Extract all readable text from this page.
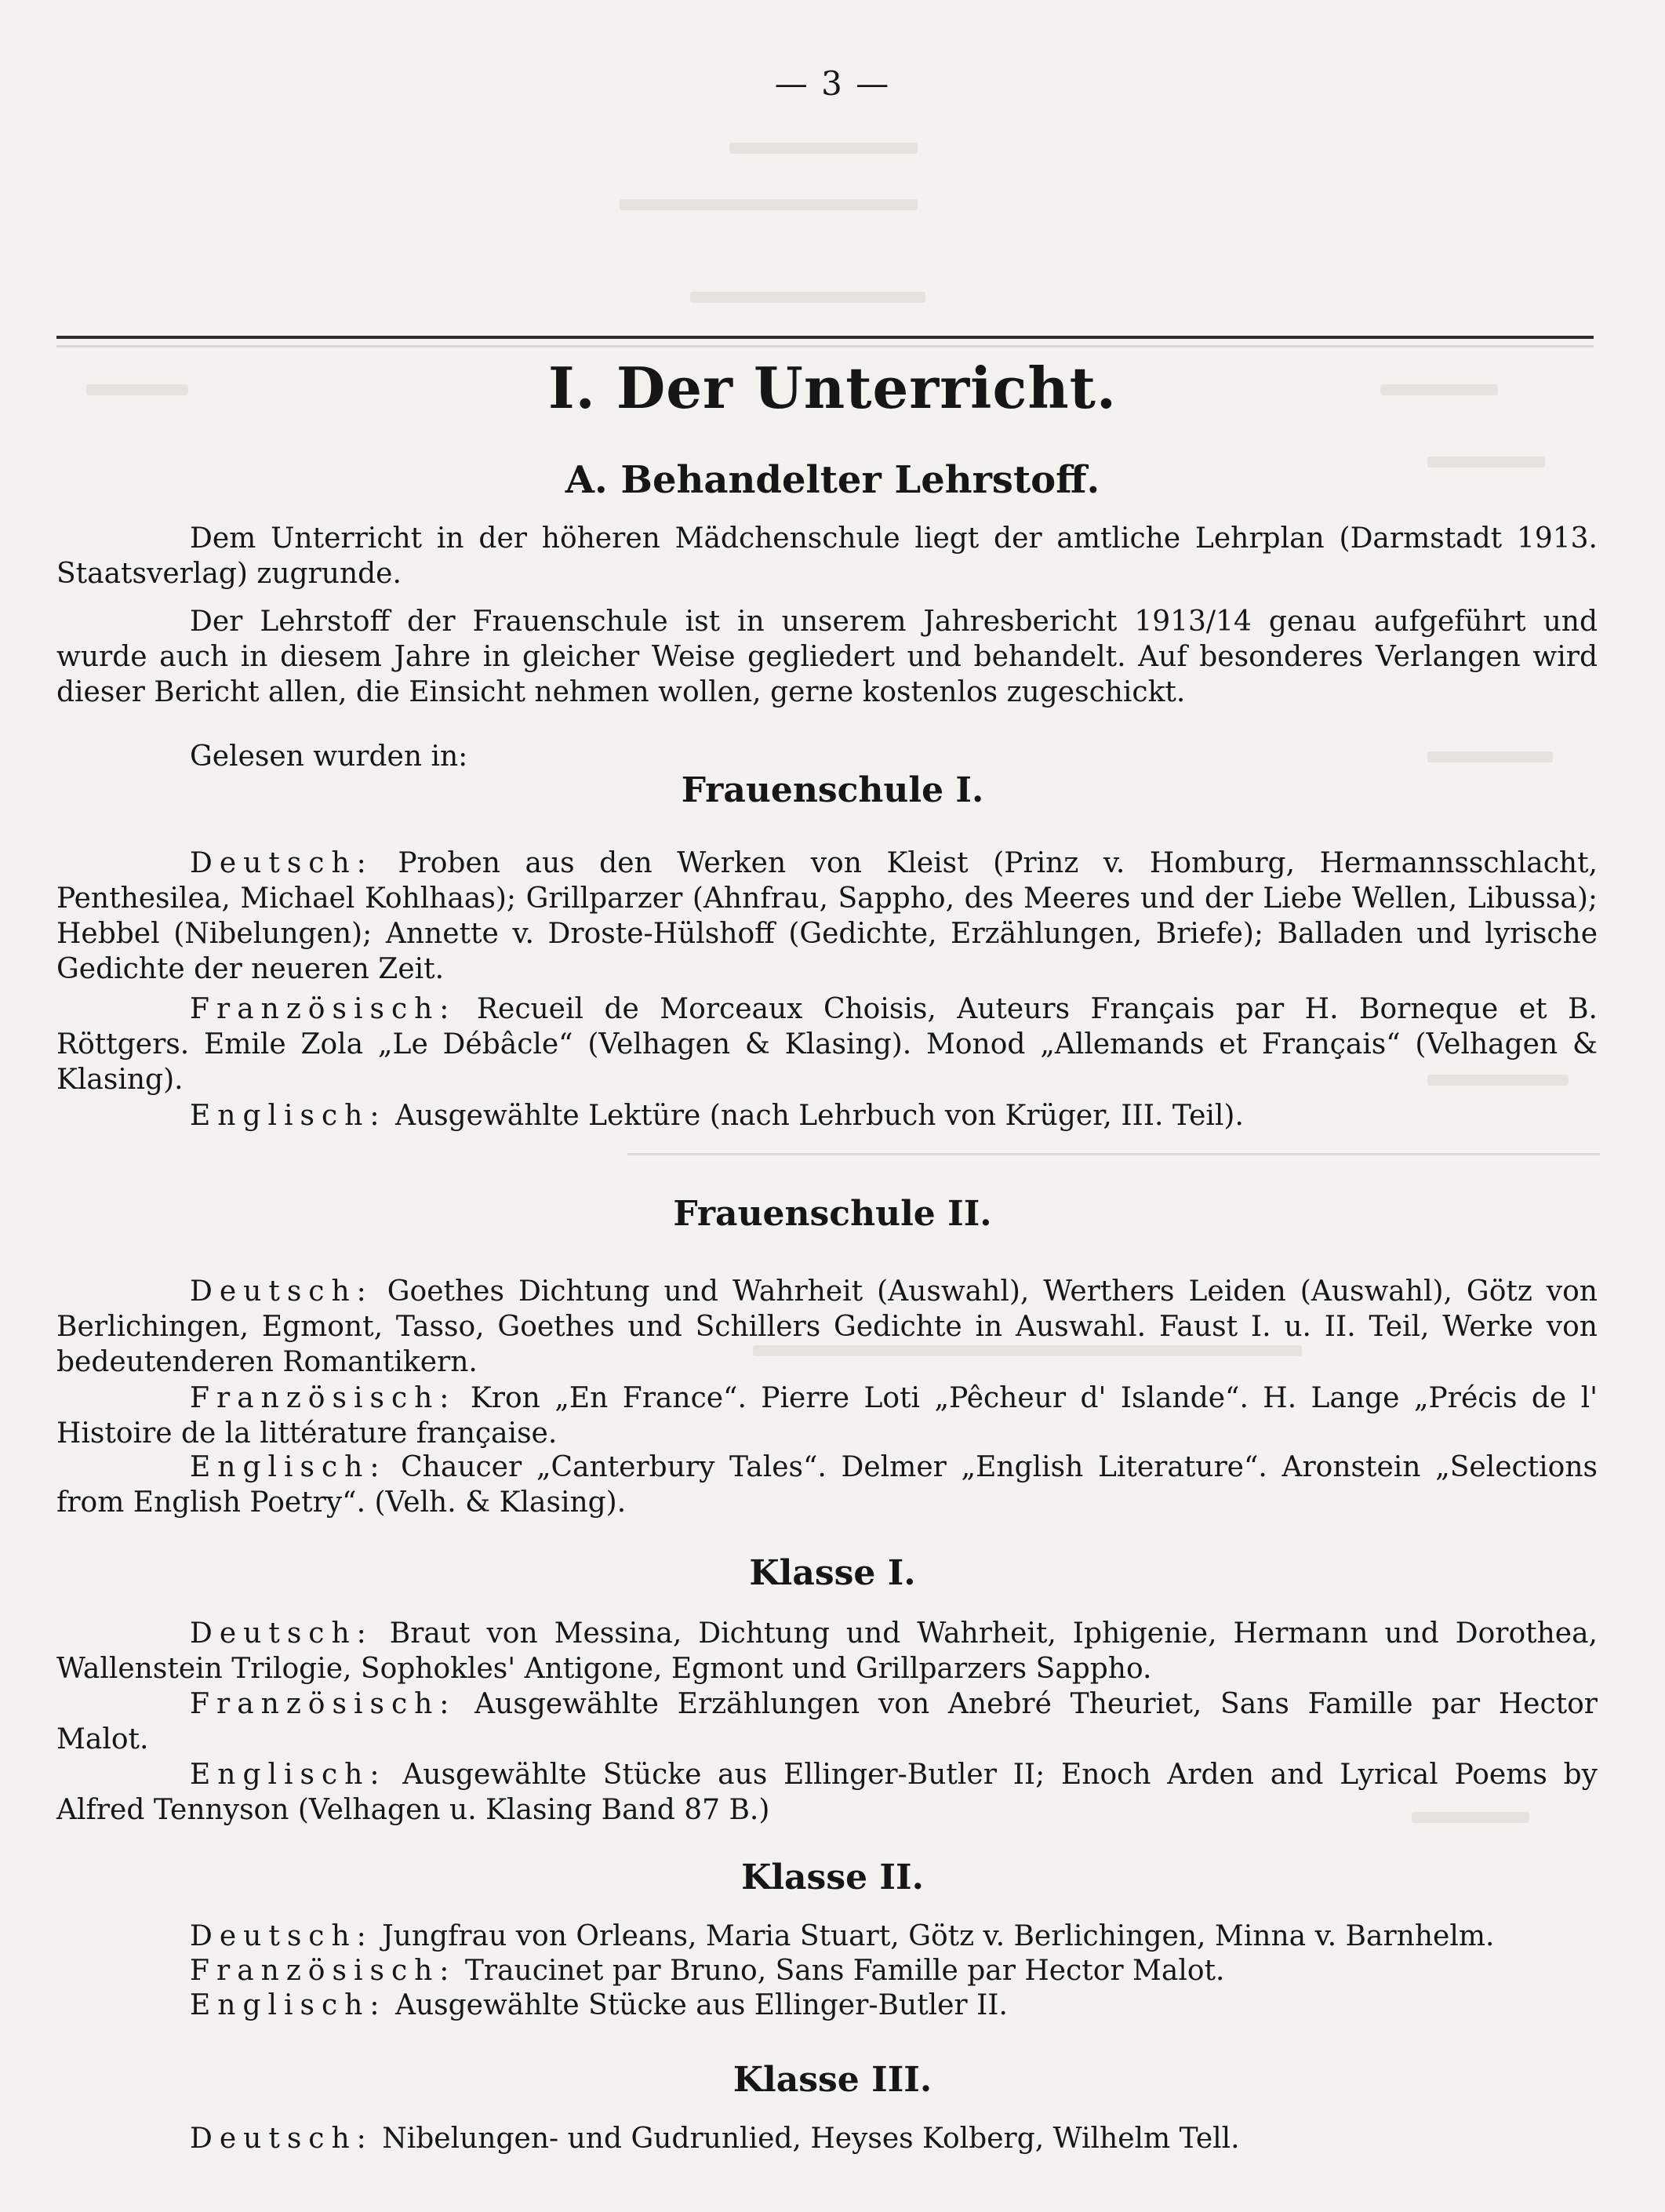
— 3 —
I. Der Unterricht.
A. Behandelter Lehrstoff.
Dem Unterricht in der höheren Mädchenschule liegt der amtliche Lehrplan (Darmstadt 1913. Staatsverlag) zugrunde.
Der Lehrstoff der Frauenschule ist in unserem Jahresbericht 1913/14 genau aufgeführt und wurde auch in diesem Jahre in gleicher Weise gegliedert und behandelt. Auf besonderes Verlangen wird dieser Bericht allen, die Einsicht nehmen wollen, gerne kostenlos zugeschickt.
Gelesen wurden in:
Frauenschule I.
Deutsch: Proben aus den Werken von Kleist (Prinz v. Homburg, Hermannsschlacht, Penthesilea, Michael Kohlhaas); Grillparzer (Ahnfrau, Sappho, des Meeres und der Liebe Wellen, Libussa); Hebbel (Nibelungen); Annette v. Droste-Hülshoff (Gedichte, Erzählungen, Briefe); Balladen und lyrische Gedichte der neueren Zeit.
Französisch: Recueil de Morceaux Choisis, Auteurs Français par H. Borneque et B. Röttgers. Emile Zola „Le Débâcle“ (Velhagen & Klasing). Monod „Allemands et Français“ (Velhagen & Klasing).
Englisch: Ausgewählte Lektüre (nach Lehrbuch von Krüger, III. Teil).
Frauenschule II.
Deutsch: Goethes Dichtung und Wahrheit (Auswahl), Werthers Leiden (Auswahl), Götz von Berlichingen, Egmont, Tasso, Goethes und Schillers Gedichte in Auswahl. Faust I. u. II. Teil, Werke von bedeutenderen Romantikern.
Französisch: Kron „En France“. Pierre Loti „Pêcheur d' Islande“. H. Lange „Précis de l' Histoire de la littérature française.
Englisch: Chaucer „Canterbury Tales“. Delmer „English Literature“. Aronstein „Selections from English Poetry“. (Velh. & Klasing).
Klasse I.
Deutsch: Braut von Messina, Dichtung und Wahrheit, Iphigenie, Hermann und Dorothea, Wallenstein Trilogie, Sophokles' Antigone, Egmont und Grillparzers Sappho.
Französisch: Ausgewählte Erzählungen von Anebré Theuriet, Sans Famille par Hector Malot.
Englisch: Ausgewählte Stücke aus Ellinger-Butler II; Enoch Arden and Lyrical Poems by Alfred Tennyson (Velhagen u. Klasing Band 87 B.)
Klasse II.
Deutsch: Jungfrau von Orleans, Maria Stuart, Götz v. Berlichingen, Minna v. Barnhelm.
Französisch: Traucinet par Bruno, Sans Famille par Hector Malot.
Englisch: Ausgewählte Stücke aus Ellinger-Butler II.
Klasse III.
Deutsch: Nibelungen- und Gudrunlied, Heyses Kolberg, Wilhelm Tell.
